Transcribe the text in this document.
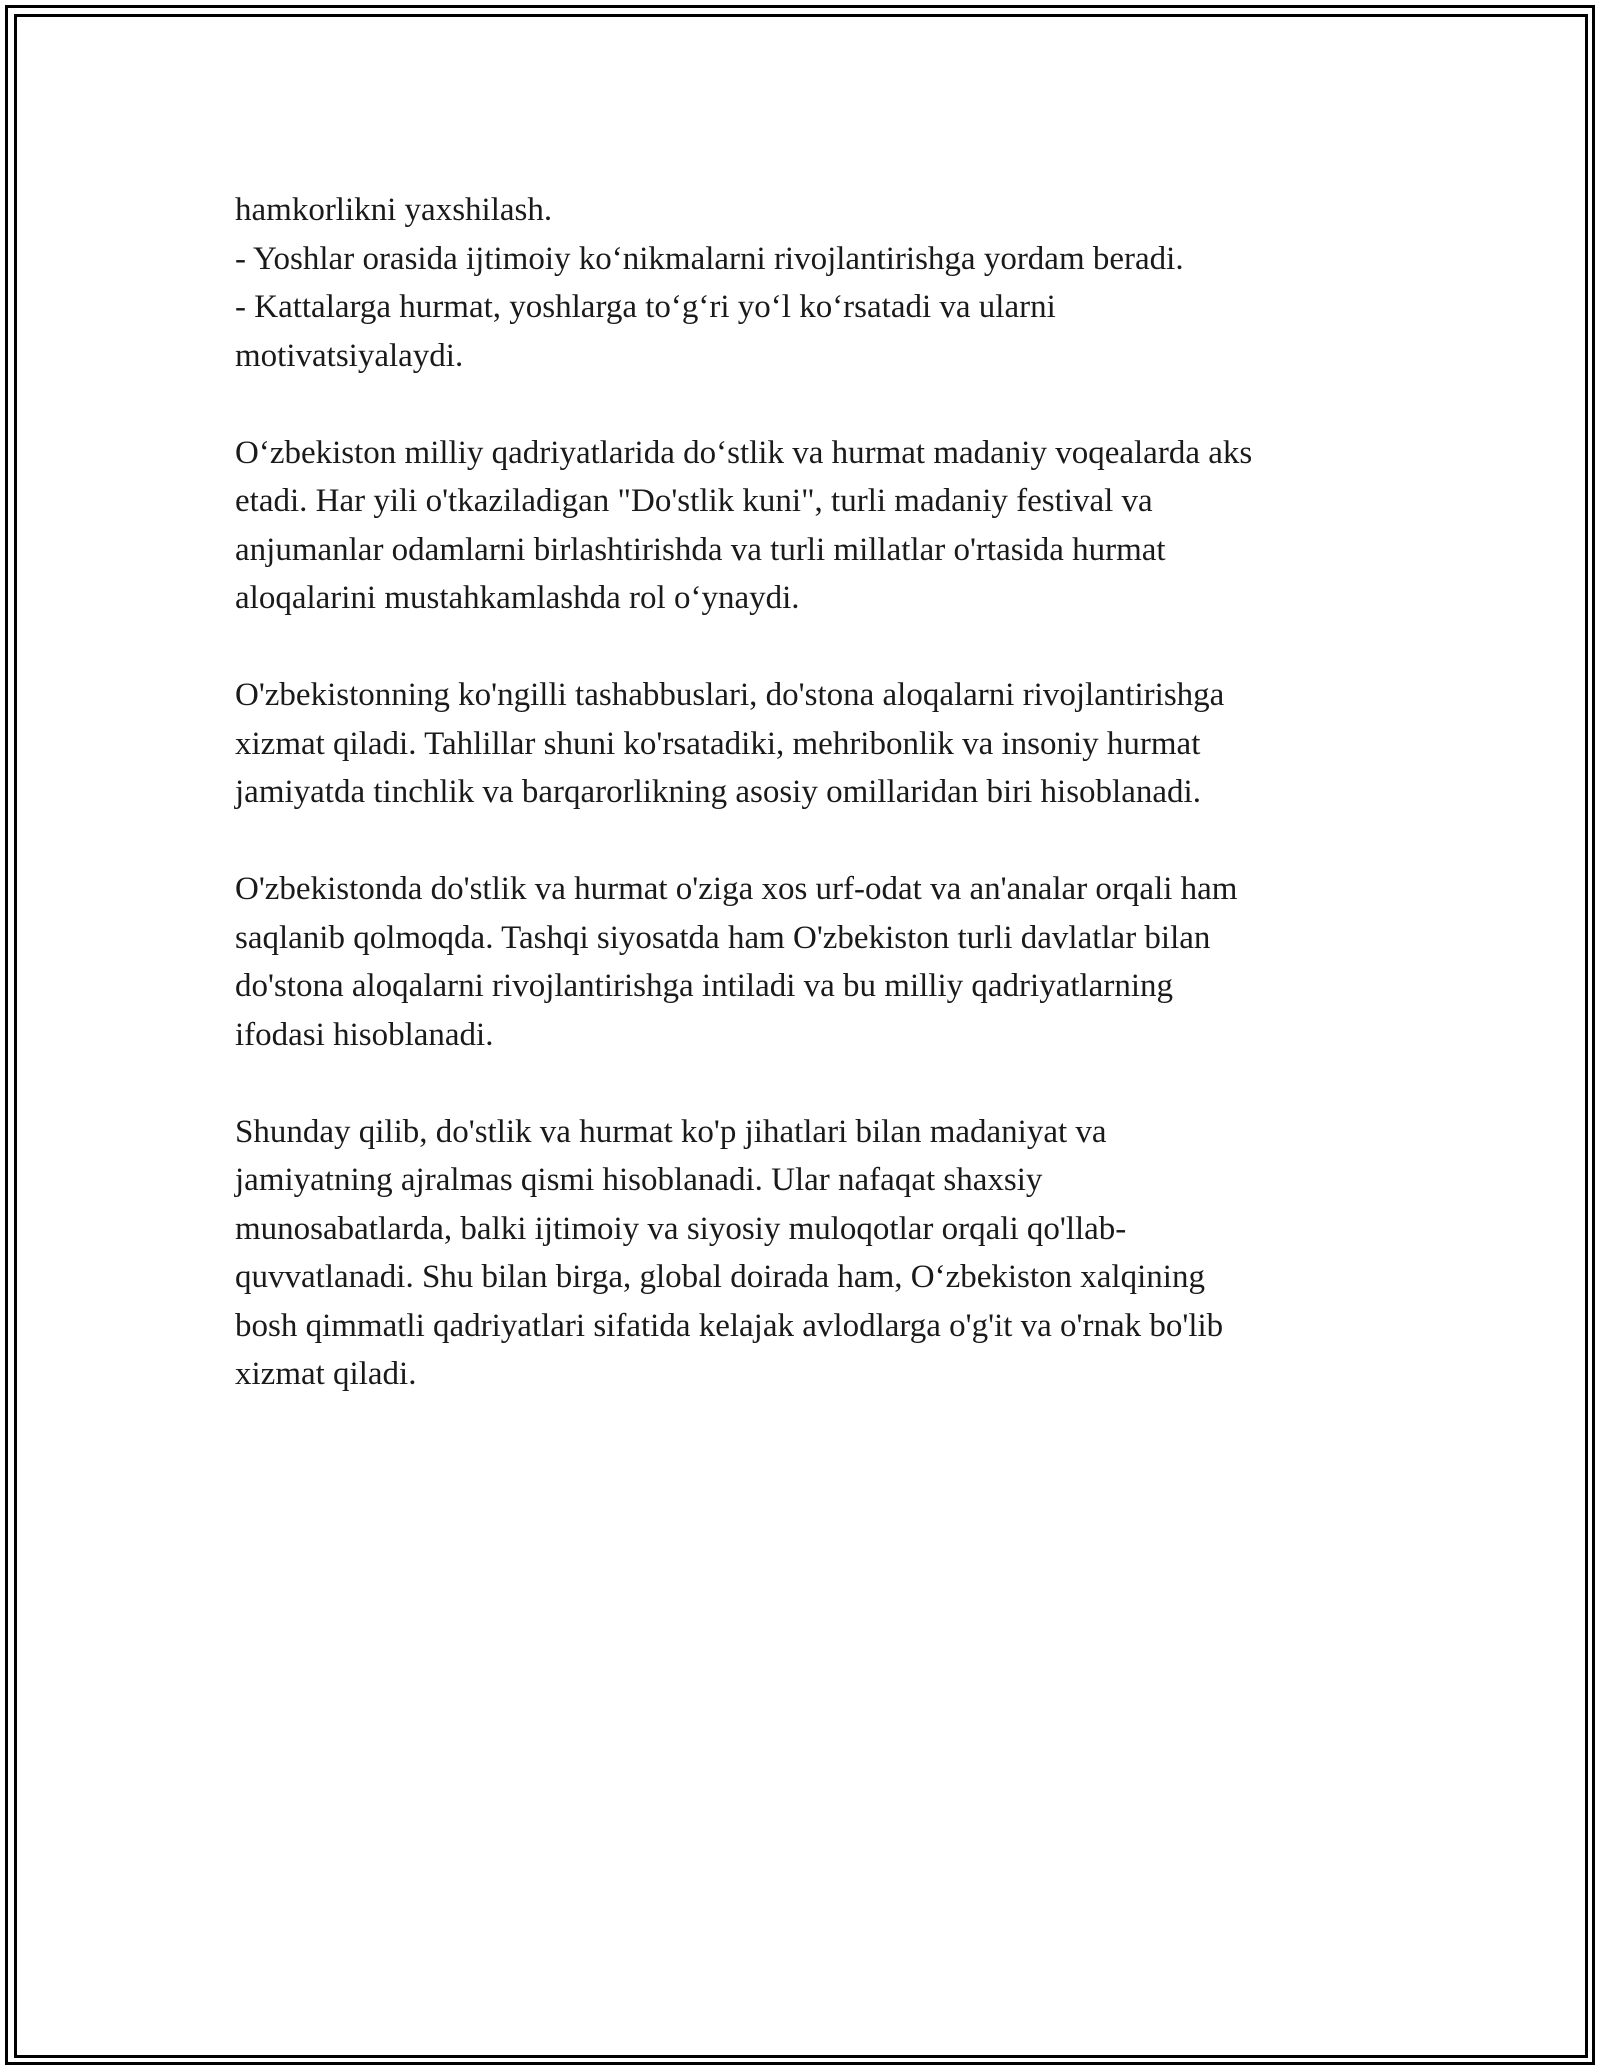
hamkorlikni yaxshilash.
- Yoshlar orasida ijtimoiy ko‘nikmalarni rivojlantirishga yordam beradi.
- Kattalarga hurmat, yoshlarga to‘g‘ri yo‘l ko‘rsatadi va ularni
motivatsiyalaydi.
O‘zbekiston milliy qadriyatlarida do‘stlik va hurmat madaniy voqealarda aks
etadi. Har yili o'tkaziladigan "Do'stlik kuni", turli madaniy festival va
anjumanlar odamlarni birlashtirishda va turli millatlar o'rtasida hurmat
aloqalarini mustahkamlashda rol o‘ynaydi.
O'zbekistonning ko'ngilli tashabbuslari, do'stona aloqalarni rivojlantirishga
xizmat qiladi. Tahlillar shuni ko'rsatadiki, mehribonlik va insoniy hurmat
jamiyatda tinchlik va barqarorlikning asosiy omillaridan biri hisoblanadi.
O'zbekistonda do'stlik va hurmat o'ziga xos urf-odat va an'analar orqali ham
saqlanib qolmoqda. Tashqi siyosatda ham O'zbekiston turli davlatlar bilan
do'stona aloqalarni rivojlantirishga intiladi va bu milliy qadriyatlarning
ifodasi hisoblanadi.
Shunday qilib, do'stlik va hurmat ko'p jihatlari bilan madaniyat va
jamiyatning ajralmas qismi hisoblanadi. Ular nafaqat shaxsiy
munosabatlarda, balki ijtimoiy va siyosiy muloqotlar orqali qo'llab-
quvvatlanadi. Shu bilan birga, global doirada ham, O‘zbekiston xalqining
bosh qimmatli qadriyatlari sifatida kelajak avlodlarga o'g'it va o'rnak bo'lib
xizmat qiladi.
